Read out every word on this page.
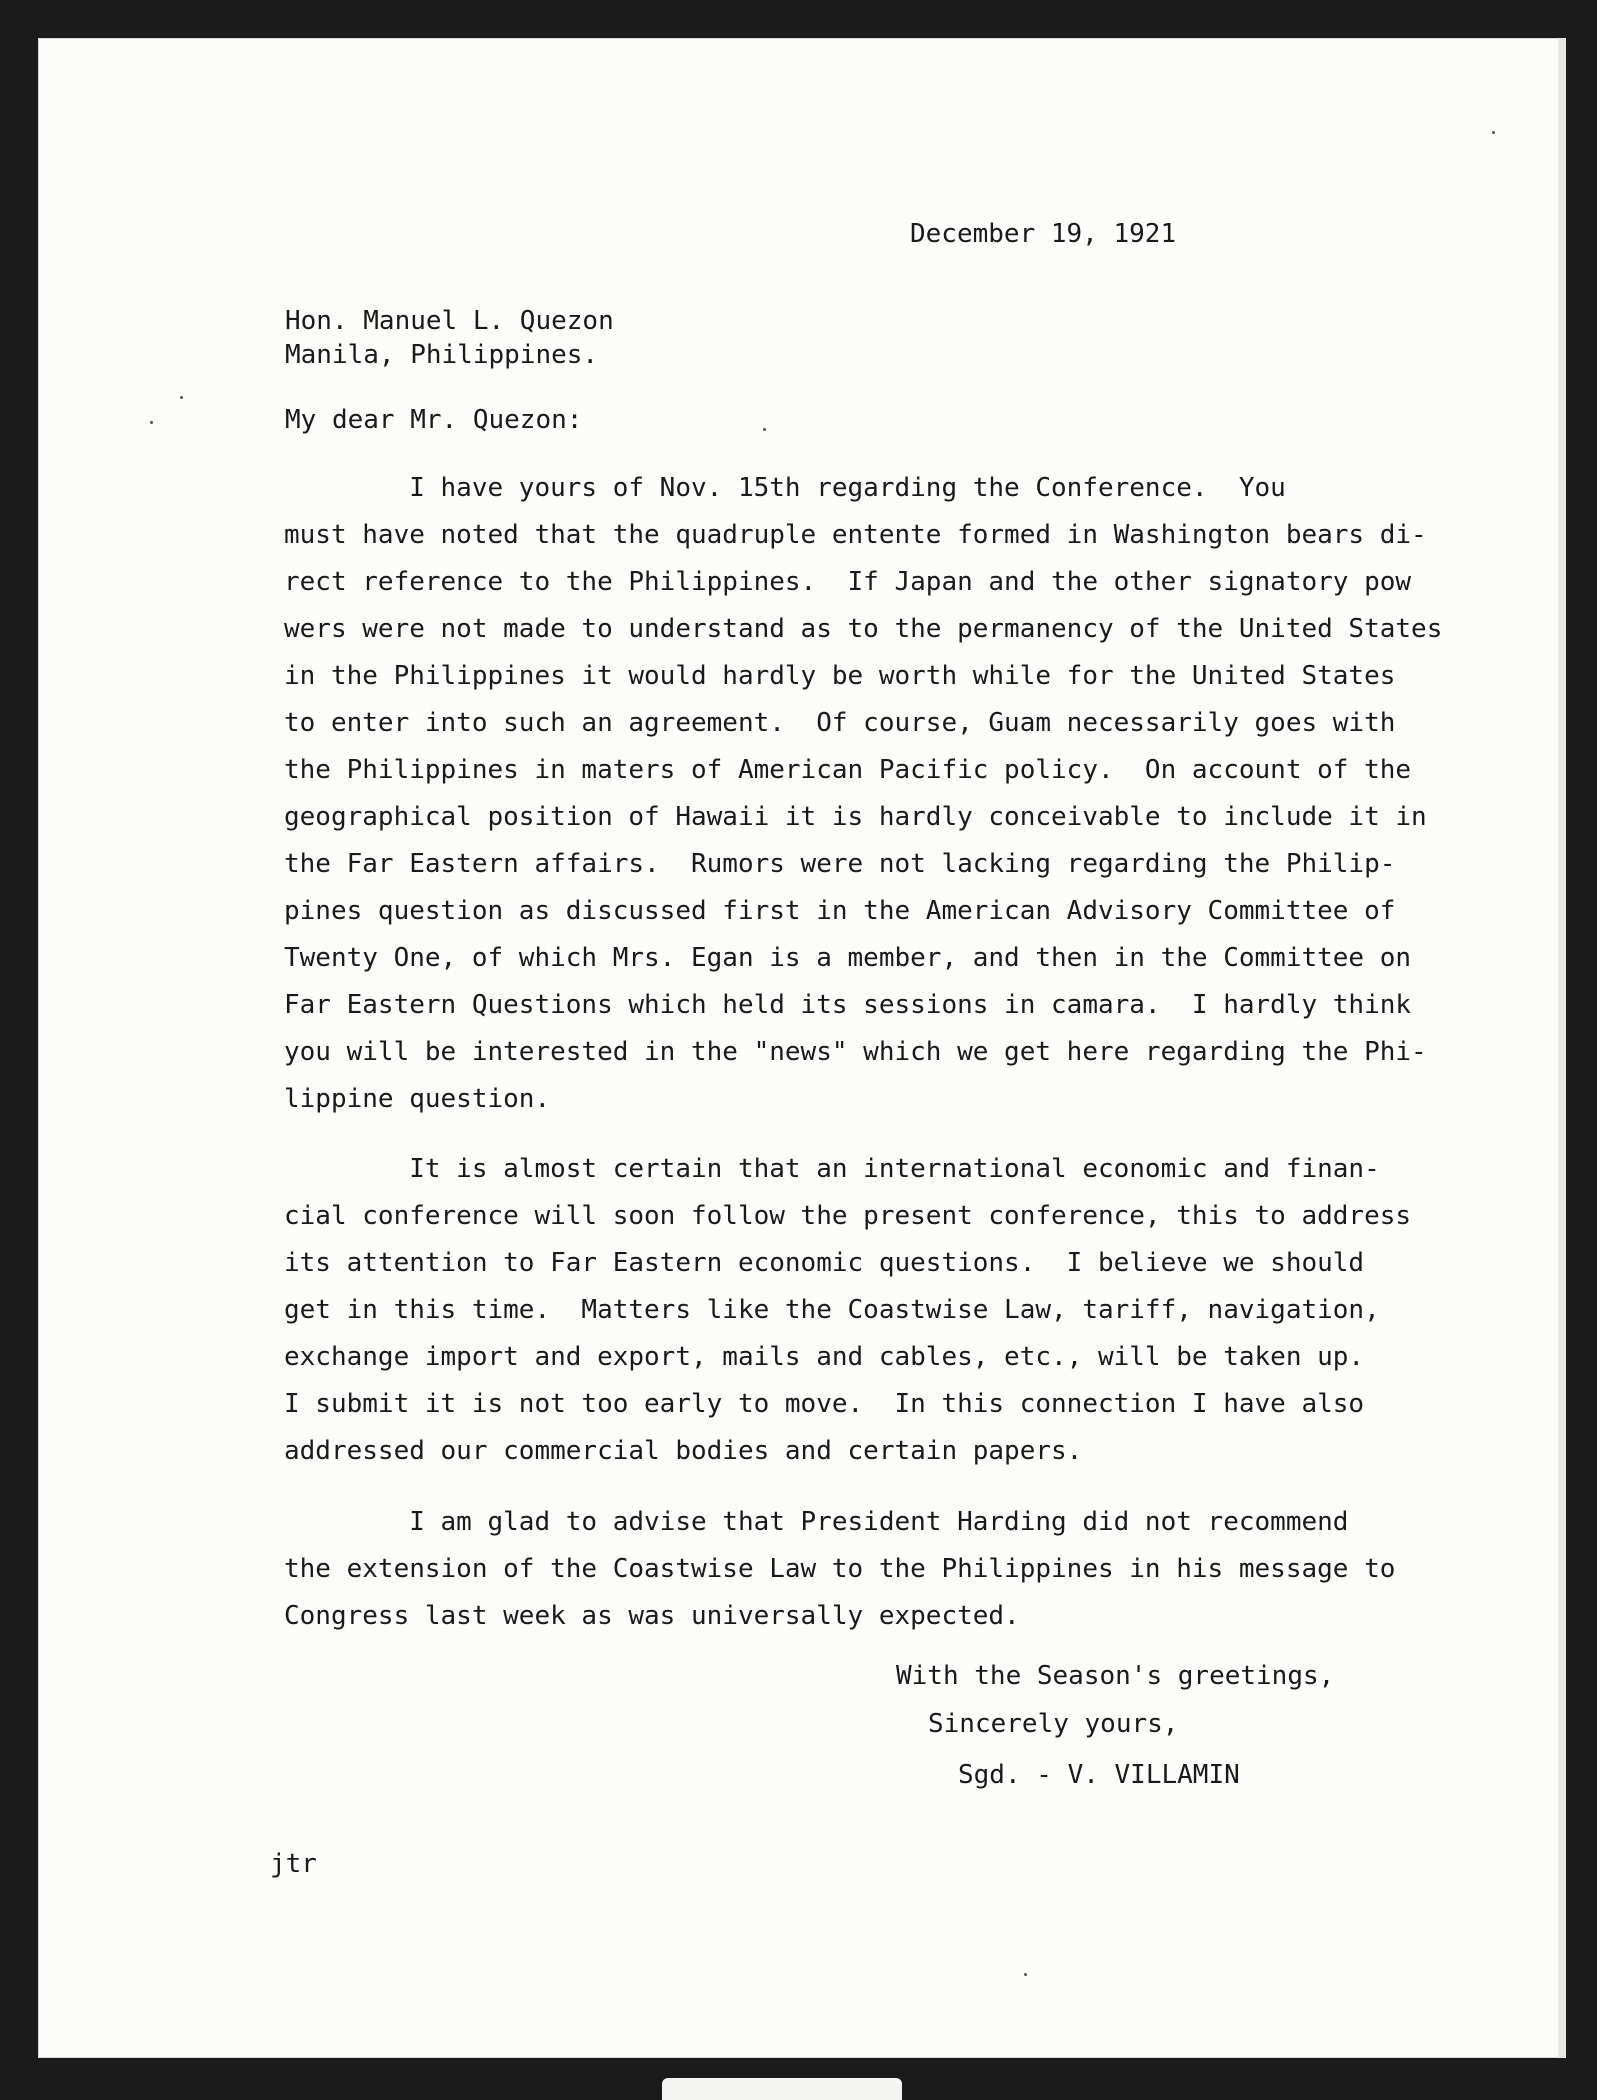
December 19, 1921
Hon. Manuel L. Quezon
Manila, Philippines.
My dear Mr. Quezon:
I have yours of Nov. 15th regarding the Conference.  You
must have noted that the quadruple entente formed in Washington bears di-
rect reference to the Philippines.  If Japan and the other signatory pow
wers were not made to understand as to the permanency of the United States
in the Philippines it would hardly be worth while for the United States
to enter into such an agreement.  Of course, Guam necessarily goes with
the Philippines in maters of American Pacific policy.  On account of the
geographical position of Hawaii it is hardly conceivable to include it in
the Far Eastern affairs.  Rumors were not lacking regarding the Philip-
pines question as discussed first in the American Advisory Committee of
Twenty One, of which Mrs. Egan is a member, and then in the Committee on
Far Eastern Questions which held its sessions in camara.  I hardly think
you will be interested in the "news" which we get here regarding the Phi-
lippine question.
It is almost certain that an international economic and finan-
cial conference will soon follow the present conference, this to address
its attention to Far Eastern economic questions.  I believe we should
get in this time.  Matters like the Coastwise Law, tariff, navigation,
exchange import and export, mails and cables, etc., will be taken up.
I submit it is not too early to move.  In this connection I have also
addressed our commercial bodies and certain papers.
I am glad to advise that President Harding did not recommend
the extension of the Coastwise Law to the Philippines in his message to
Congress last week as was universally expected.
With the Season's greetings,
Sincerely yours,
Sgd. - V. VILLAMIN
jtr
